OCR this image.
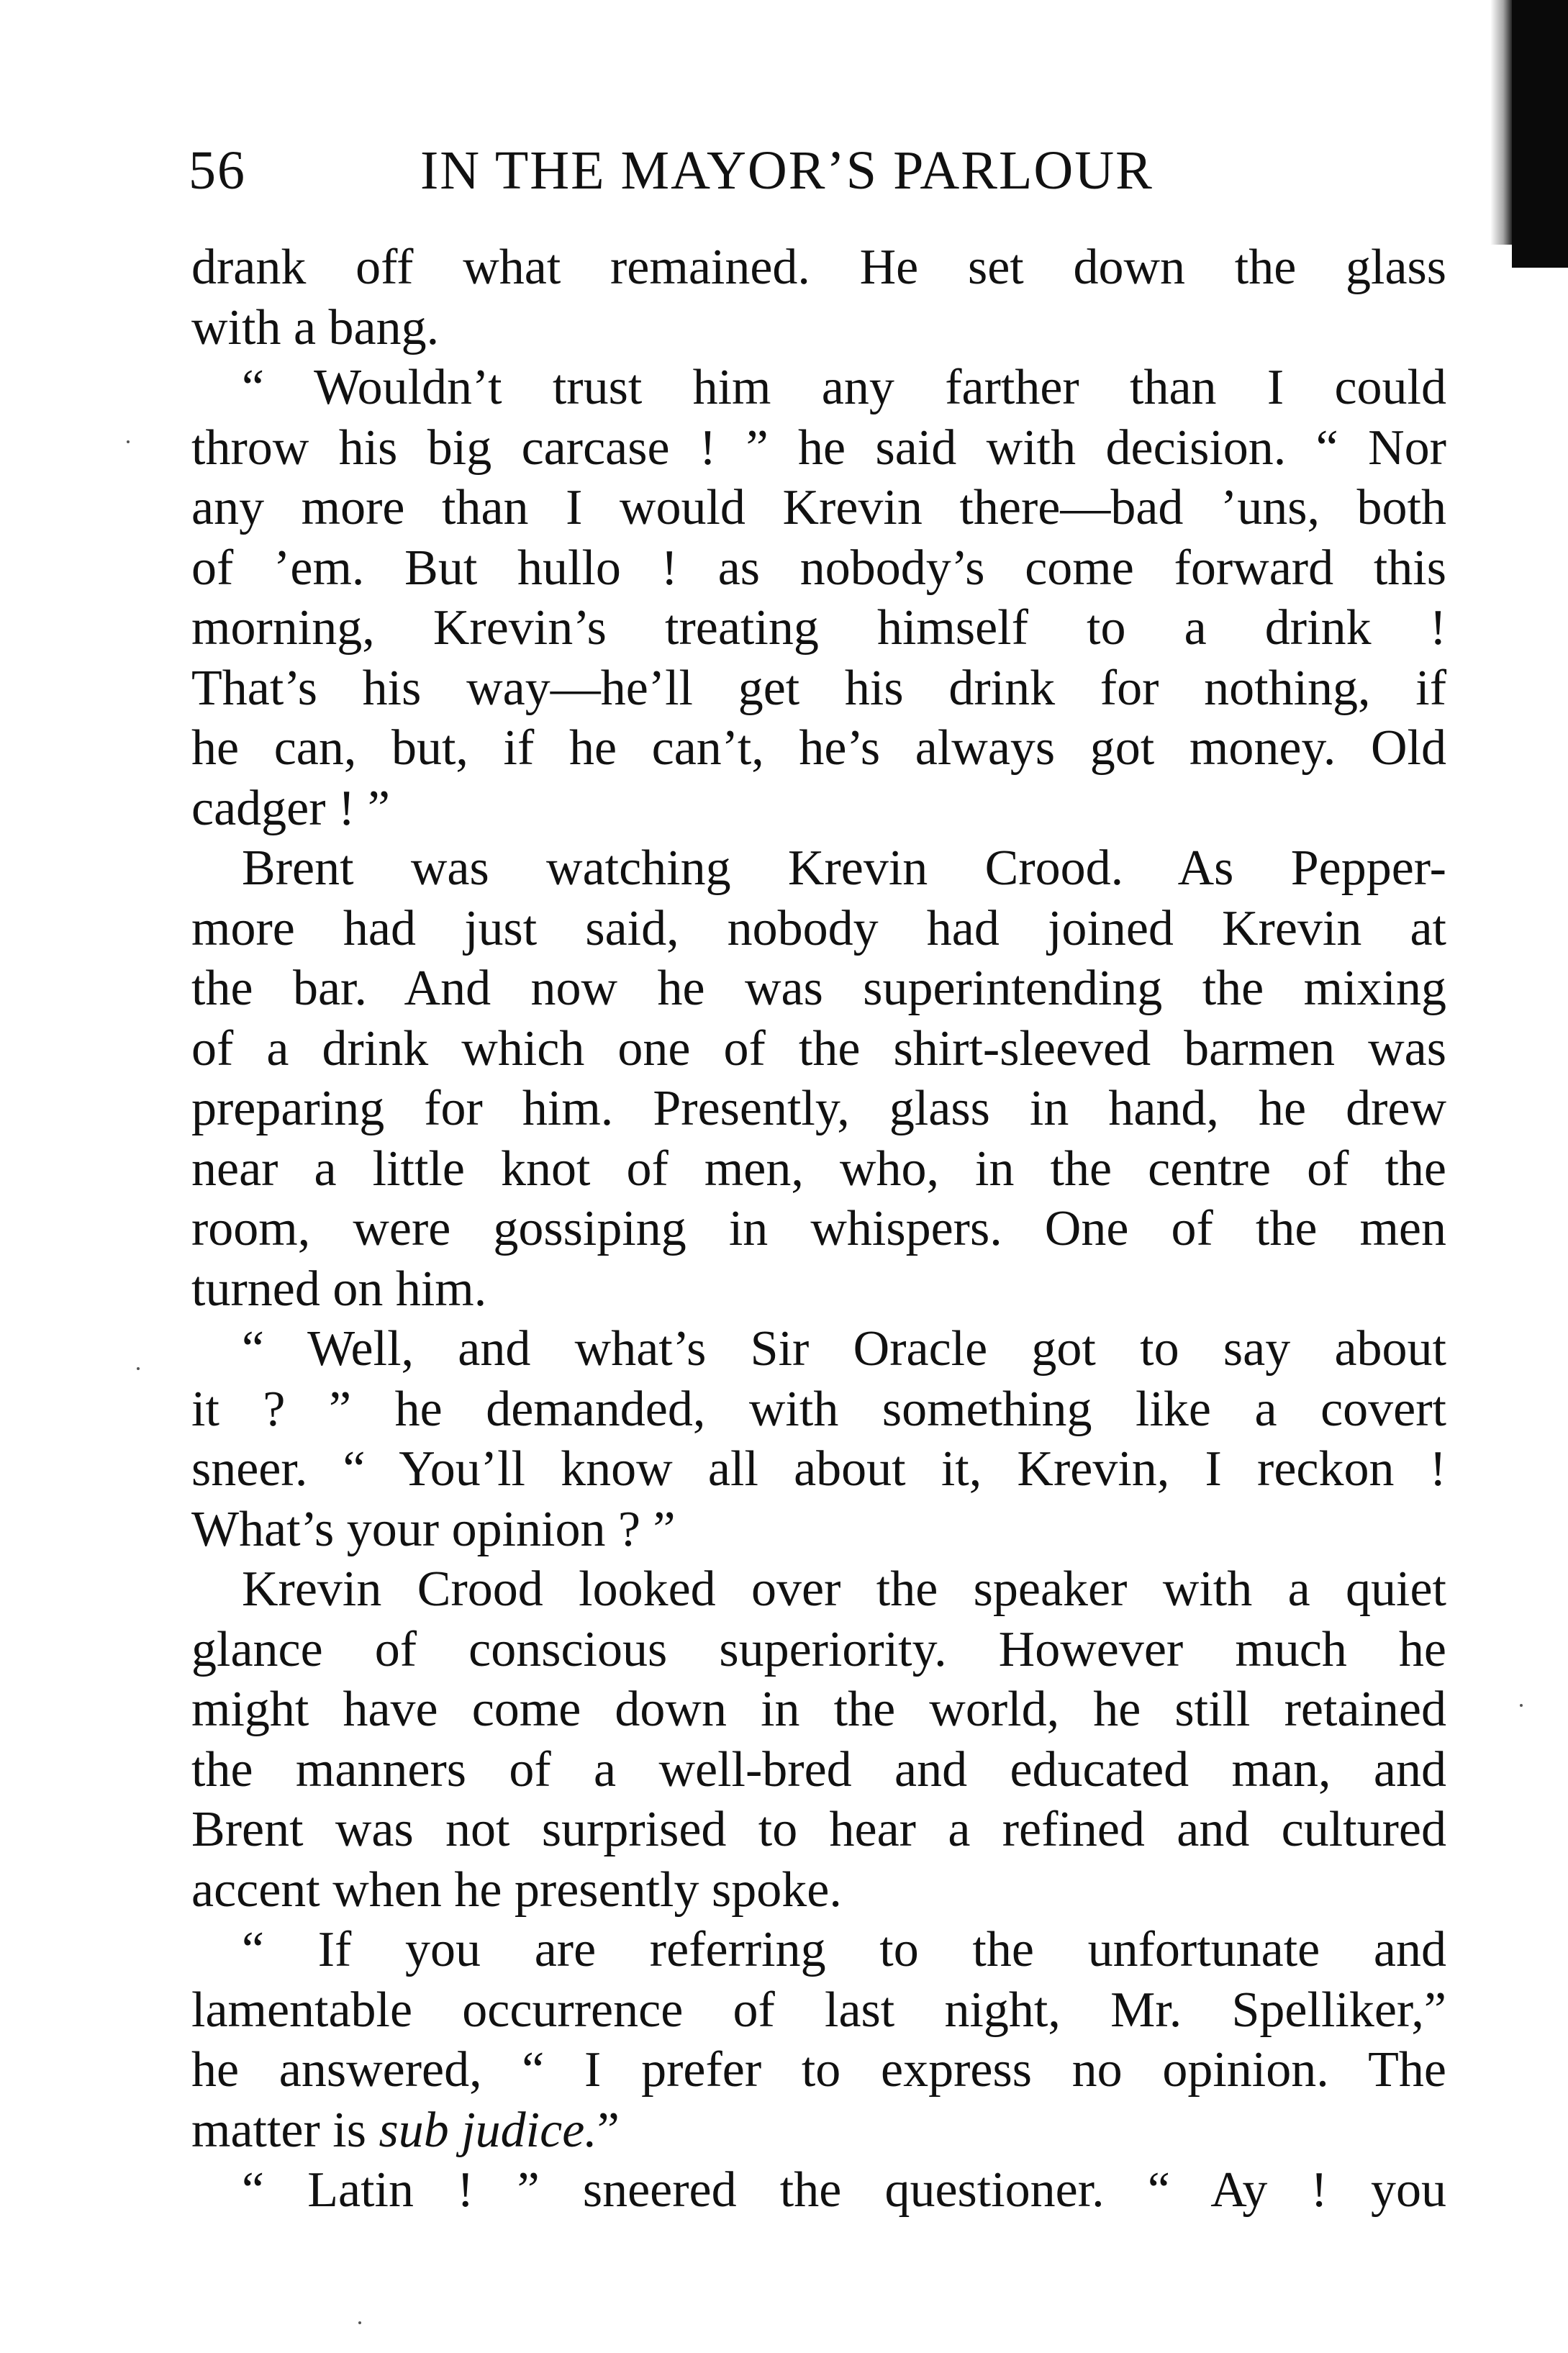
56	IN THE MAYOR’S PARLOUR
drank off what remained. He set down the glass
with a bang.
“ Wouldn’t trust him any farther than I could
throw his big carcase ! ” he said with decision. “ Nor
any more than I would Krevin there—bad ’uns, both
of ’em. But hullo ! as nobody’s come forward this
morning, Krevin’s treating himself to a drink !
That’s his way—he’ll get his drink for nothing, if
he can, but, if he can’t, he’s always got money. Old
cadger ! ”
Brent was watching Krevin Crood. As Pepper-
more had just said, nobody had joined Krevin at
the bar. And now he was superintending the mixing
of a drink which one of the shirt-sleeved barmen was
preparing for him. Presently, glass in hand, he drew
near a little knot of men, who, in the centre of the
room, were gossiping in whispers. One of the men
turned on him.
“ Well, and what’s Sir Oracle got to say about
it ? ” he demanded, with something like a covert
sneer. “ You’ll know all about it, Krevin, I reckon !
What’s your opinion ? ”
Krevin Crood looked over the speaker with a quiet
glance of conscious superiority. However much he
might have come down in the world, he still retained
the manners of a well-bred and educated man, and
Brent was not surprised to hear a refined and cultured
accent when he presently spoke.
“ If you are referring to the unfortunate and
lamentable occurrence of last night, Mr. Spelliker,”
he answered, “ I prefer to express no opinion. The
matter is sub judice.”
“ Latin ! ” sneered the questioner. “ Ay ! you
